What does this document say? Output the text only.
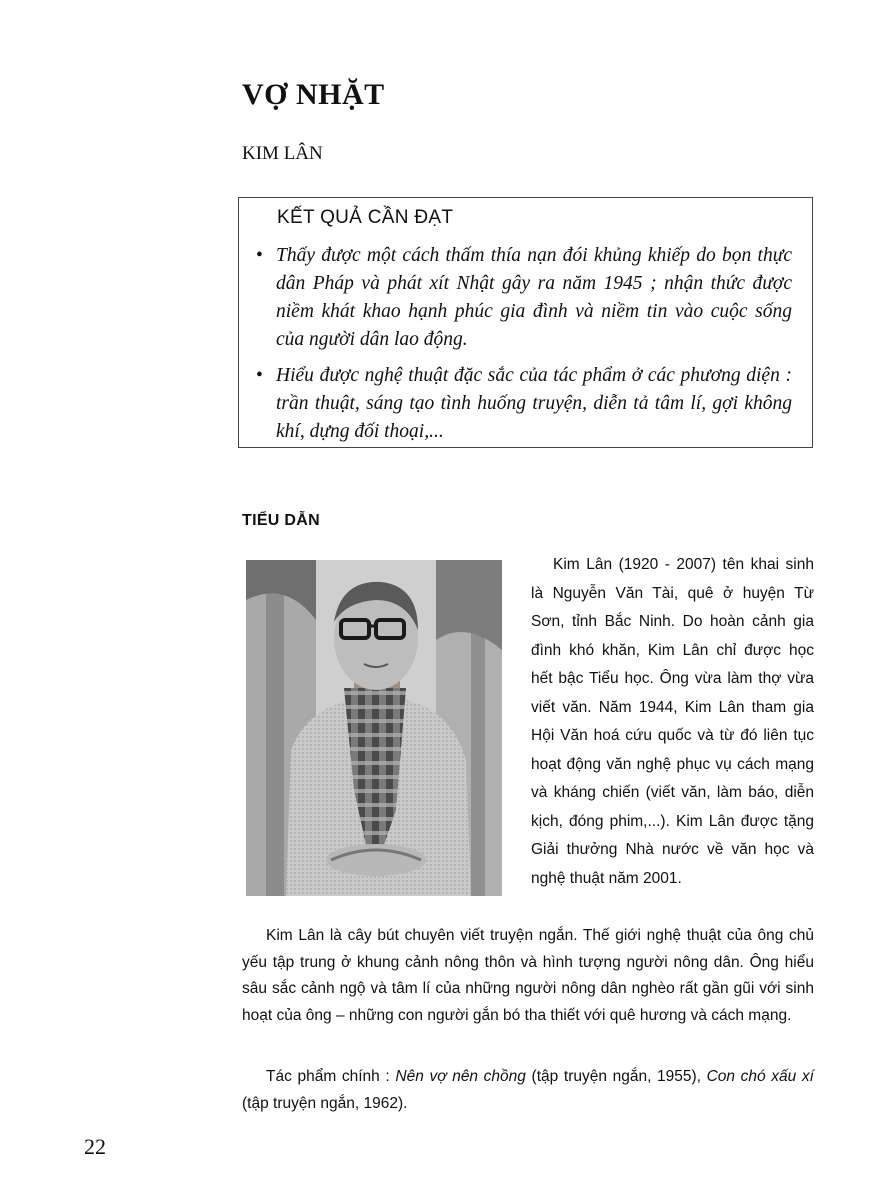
VỢ NHẶT
KIM LÂN
KẾT QUẢ CẦN ĐẠT
• Thấy được một cách thấm thía nạn đói khủng khiếp do bọn thực dân Pháp và phát xít Nhật gây ra năm 1945 ; nhận thức được niềm khát khao hạnh phúc gia đình và niềm tin vào cuộc sống của người dân lao động.
• Hiểu được nghệ thuật đặc sắc của tác phẩm ở các phương diện : trần thuật, sáng tạo tình huống truyện, diễn tả tâm lí, gợi không khí, dựng đối thoại,...
TIỂU DẪN
Kim Lân (1920 - 2007) tên khai sinh là Nguyễn Văn Tài, quê ở huyện Từ Sơn, tỉnh Bắc Ninh. Do hoàn cảnh gia đình khó khăn, Kim Lân chỉ được học hết bậc Tiểu học. Ông vừa làm thợ vừa viết văn. Năm 1944, Kim Lân tham gia Hội Văn hoá cứu quốc và từ đó liên tục hoạt động văn nghệ phục vụ cách mạng và kháng chiến (viết văn, làm báo, diễn kịch, đóng phim,...). Kim Lân được tặng Giải thưởng Nhà nước về văn học và nghệ thuật năm 2001.

Kim Lân là cây bút chuyên viết truyện ngắn. Thế giới nghệ thuật của ông chủ yếu tập trung ở khung cảnh nông thôn và hình tượng người nông dân. Ông hiểu sâu sắc cảnh ngộ và tâm lí của những người nông dân nghèo rất gần gũi với sinh hoạt của ông – những con người gắn bó tha thiết với quê hương và cách mạng.

Tác phẩm chính : Nên vợ nên chồng (tập truyện ngắn, 1955), Con chó xấu xí (tập truyện ngắn, 1962).

22
